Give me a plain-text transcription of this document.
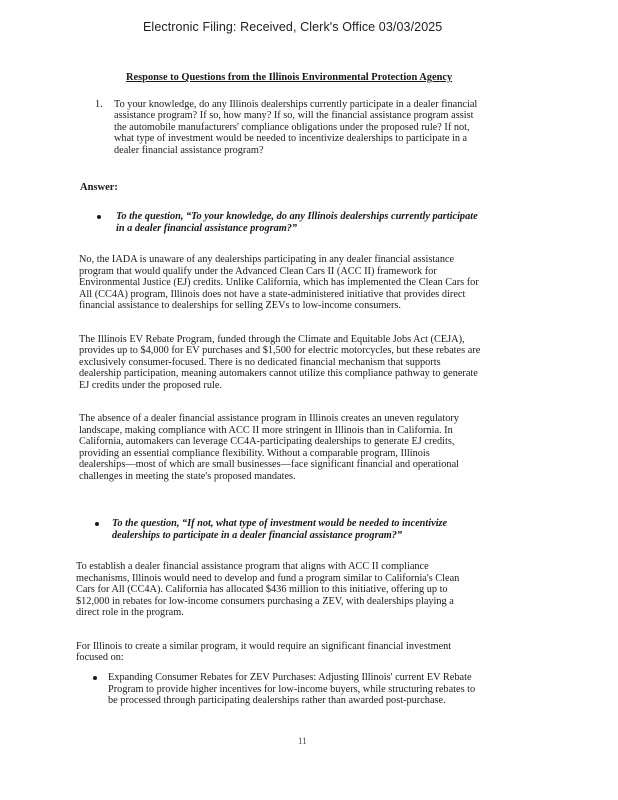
Electronic Filing: Received, Clerk's Office 03/03/2025
Response to Questions from the Illinois Environmental Protection Agency
1. To your knowledge, do any Illinois dealerships currently participate in a dealer financial
assistance program? If so, how many? If so, will the financial assistance program assist
the automobile manufacturers' compliance obligations under the proposed rule? If not,
what type of investment would be needed to incentivize dealerships to participate in a
dealer financial assistance program?
Answer:
To the question, “To your knowledge, do any Illinois dealerships currently participate
in a dealer financial assistance program?”
No, the IADA is unaware of any dealerships participating in any dealer financial assistance
program that would qualify under the Advanced Clean Cars II (ACC II) framework for
Environmental Justice (EJ) credits. Unlike California, which has implemented the Clean Cars for
All (CC4A) program, Illinois does not have a state-administered initiative that provides direct
financial assistance to dealerships for selling ZEVs to low-income consumers.
The Illinois EV Rebate Program, funded through the Climate and Equitable Jobs Act (CEJA),
provides up to $4,000 for EV purchases and $1,500 for electric motorcycles, but these rebates are
exclusively consumer-focused. There is no dedicated financial mechanism that supports
dealership participation, meaning automakers cannot utilize this compliance pathway to generate
EJ credits under the proposed rule.
The absence of a dealer financial assistance program in Illinois creates an uneven regulatory
landscape, making compliance with ACC II more stringent in Illinois than in California. In
California, automakers can leverage CC4A-participating dealerships to generate EJ credits,
providing an essential compliance flexibility. Without a comparable program, Illinois
dealerships—most of which are small businesses—face significant financial and operational
challenges in meeting the state's proposed mandates.
To the question, “If not, what type of investment would be needed to incentivize
dealerships to participate in a dealer financial assistance program?”
To establish a dealer financial assistance program that aligns with ACC II compliance
mechanisms, Illinois would need to develop and fund a program similar to California's Clean
Cars for All (CC4A). California has allocated $436 million to this initiative, offering up to
$12,000 in rebates for low-income consumers purchasing a ZEV, with dealerships playing a
direct role in the program.
For Illinois to create a similar program, it would require an significant financial investment
focused on:
Expanding Consumer Rebates for ZEV Purchases: Adjusting Illinois' current EV Rebate
Program to provide higher incentives for low-income buyers, while structuring rebates to
be processed through participating dealerships rather than awarded post-purchase.
11
